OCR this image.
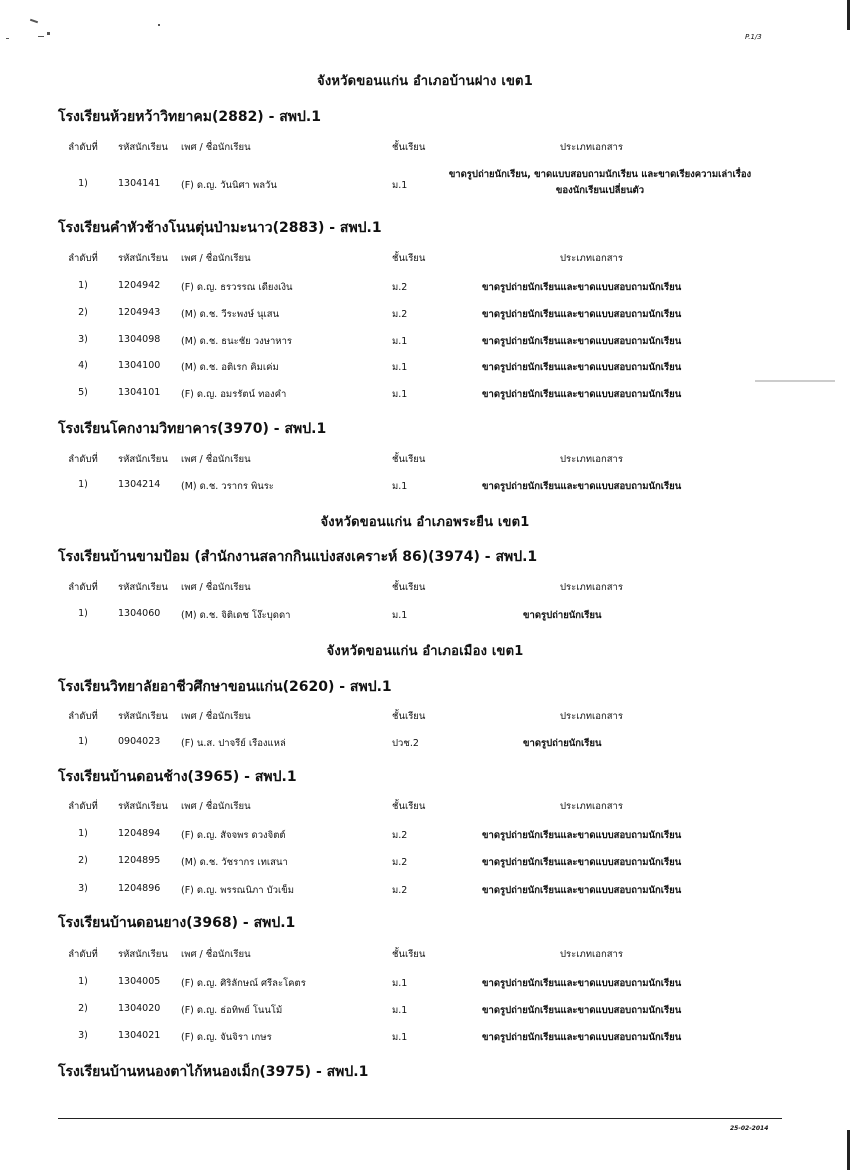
P.1/3
จังหวัดขอนแก่น อำเภอบ้านฝาง เขต1
โรงเรียนห้วยหว้าวิทยาคม(2882) - สพป.1
ลำดับที่	รหัสนักเรียน เพศ / ชื่อนักเรียน	ชั้นเรียน	ประเภทเอกสาร
1)	1304141 (F) ด.ญ. วันนิศา พลวัน	ม.1
ขาดรูปถ่ายนักเรียน, ขาดแบบสอบถามนักเรียน และขาดเรียงความเล่าเรื่อง
ของนักเรียนเปลี่ยนตัว
โรงเรียนคำหัวช้างโนนตุ่นป่ามะนาว(2883) - สพป.1
ลำดับที่	รหัสนักเรียน เพศ / ชื่อนักเรียน	ชั้นเรียน	ประเภทเอกสาร
1)	1204942 (F) ด.ญ. ธรวรรณ เดียงเงิน	ม.2	ขาดรูปถ่ายนักเรียนและขาดแบบสอบถามนักเรียน
2)	1204943 (M) ด.ช. วีระพงษ์ นุเสน	ม.2	ขาดรูปถ่ายนักเรียนและขาดแบบสอบถามนักเรียน
3)	1304098 (M) ด.ช. ธนะชัย วงษาหาร	ม.1	ขาดรูปถ่ายนักเรียนและขาดแบบสอบถามนักเรียน
4)	1304100 (M) ด.ช. อติเรก คิมเค่ม	ม.1	ขาดรูปถ่ายนักเรียนและขาดแบบสอบถามนักเรียน
5)	1304101 (F) ด.ญ. อมรรัตน์ ทองคำ	ม.1	ขาดรูปถ่ายนักเรียนและขาดแบบสอบถามนักเรียน
โรงเรียนโคกงามวิทยาคาร(3970) - สพป.1
ลำดับที่	รหัสนักเรียน เพศ / ชื่อนักเรียน	ชั้นเรียน	ประเภทเอกสาร
1)	1304214 (M) ด.ช. วรากร พินระ	ม.1	ขาดรูปถ่ายนักเรียนและขาดแบบสอบถามนักเรียน
จังหวัดขอนแก่น อำเภอพระยืน เขต1
โรงเรียนบ้านขามป้อม (สำนักงานสลากกินแบ่งสงเคราะห์ 86)(3974) - สพป.1
ลำดับที่	รหัสนักเรียน เพศ / ชื่อนักเรียน	ชั้นเรียน	ประเภทเอกสาร
1)	1304060 (M) ด.ช. จิติเดช โง๊ะบุดดา	ม.1	ขาดรูปถ่ายนักเรียน
จังหวัดขอนแก่น อำเภอเมือง เขต1
โรงเรียนวิทยาลัยอาชีวศึกษาขอนแก่น(2620) - สพป.1
ลำดับที่	รหัสนักเรียน เพศ / ชื่อนักเรียน	ชั้นเรียน	ประเภทเอกสาร
1)	0904023 (F) น.ส. ปาจรีย์ เรืองแหล่	ปวช.2	ขาดรูปถ่ายนักเรียน
โรงเรียนบ้านดอนช้าง(3965) - สพป.1
ลำดับที่	รหัสนักเรียน เพศ / ชื่อนักเรียน	ชั้นเรียน	ประเภทเอกสาร
1)	1204894 (F) ด.ญ. สัจจพร ดวงจิตต์	ม.2	ขาดรูปถ่ายนักเรียนและขาดแบบสอบถามนักเรียน
2)	1204895 (M) ด.ช. วัชรากร เทเสนา	ม.2	ขาดรูปถ่ายนักเรียนและขาดแบบสอบถามนักเรียน
3)	1204896 (F) ด.ญ. พรรณนิภา บัวเข็ม	ม.2	ขาดรูปถ่ายนักเรียนและขาดแบบสอบถามนักเรียน
โรงเรียนบ้านดอนยาง(3968) - สพป.1
ลำดับที่	รหัสนักเรียน เพศ / ชื่อนักเรียน	ชั้นเรียน	ประเภทเอกสาร
1)	1304005 (F) ด.ญ. ศิริลักษณ์ ศรีละโคตร	ม.1	ขาดรูปถ่ายนักเรียนและขาดแบบสอบถามนักเรียน
2)	1304020 (F) ด.ญ. ธ่อทิพย์ โนนโม้	ม.1	ขาดรูปถ่ายนักเรียนและขาดแบบสอบถามนักเรียน
3)	1304021 (F) ด.ญ. จันจิรา เกษร	ม.1	ขาดรูปถ่ายนักเรียนและขาดแบบสอบถามนักเรียน
โรงเรียนบ้านหนองตาไก้หนองเม็ก(3975) - สพป.1
25-02-2014
